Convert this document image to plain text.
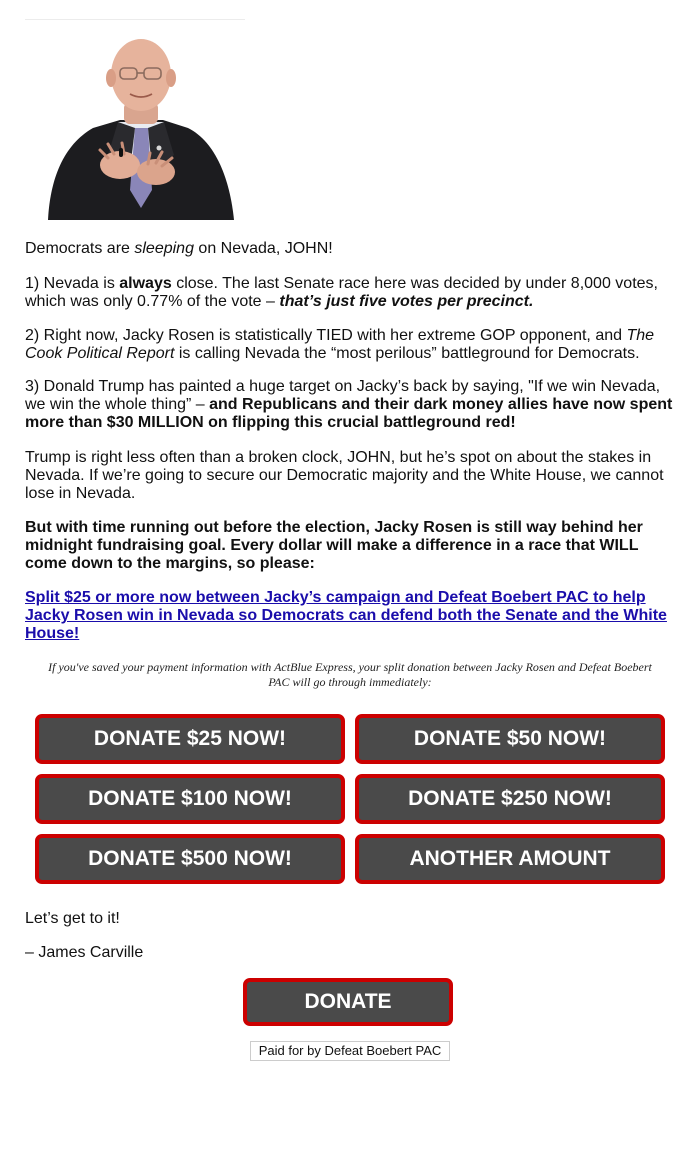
Democrats are sleeping on Nevada, JOHN!

1) Nevada is always close. The last Senate race here was decided by under 8,000 votes, which was only 0.77% of the vote – that’s just five votes per precinct.

2) Right now, Jacky Rosen is statistically TIED with her extreme GOP opponent, and The Cook Political Report is calling Nevada the “most perilous” battleground for Democrats.

3) Donald Trump has painted a huge target on Jacky’s back by saying, "If we win Nevada, we win the whole thing” – and Republicans and their dark money allies have now spent more than $30 MILLION on flipping this crucial battleground red!

Trump is right less often than a broken clock, JOHN, but he’s spot on about the stakes in Nevada. If we’re going to secure our Democratic majority and the White House, we cannot lose in Nevada.

But with time running out before the election, Jacky Rosen is still way behind her midnight fundraising goal. Every dollar will make a difference in a race that WILL come down to the margins, so please:

Split $25 or more now between Jacky’s campaign and Defeat Boebert PAC to help Jacky Rosen win in Nevada so Democrats can defend both the Senate and the White House!
If you've saved your payment information with ActBlue Express, your split donation between Jacky Rosen and Defeat Boebert PAC will go through immediately:
DONATE $25 NOW!	DONATE $50 NOW!
DONATE $100 NOW!	DONATE $250 NOW!
DONATE $500 NOW!	ANOTHER AMOUNT

Let’s get to it!

– James Carville

DONATE
Paid for by Defeat Boebert PAC
